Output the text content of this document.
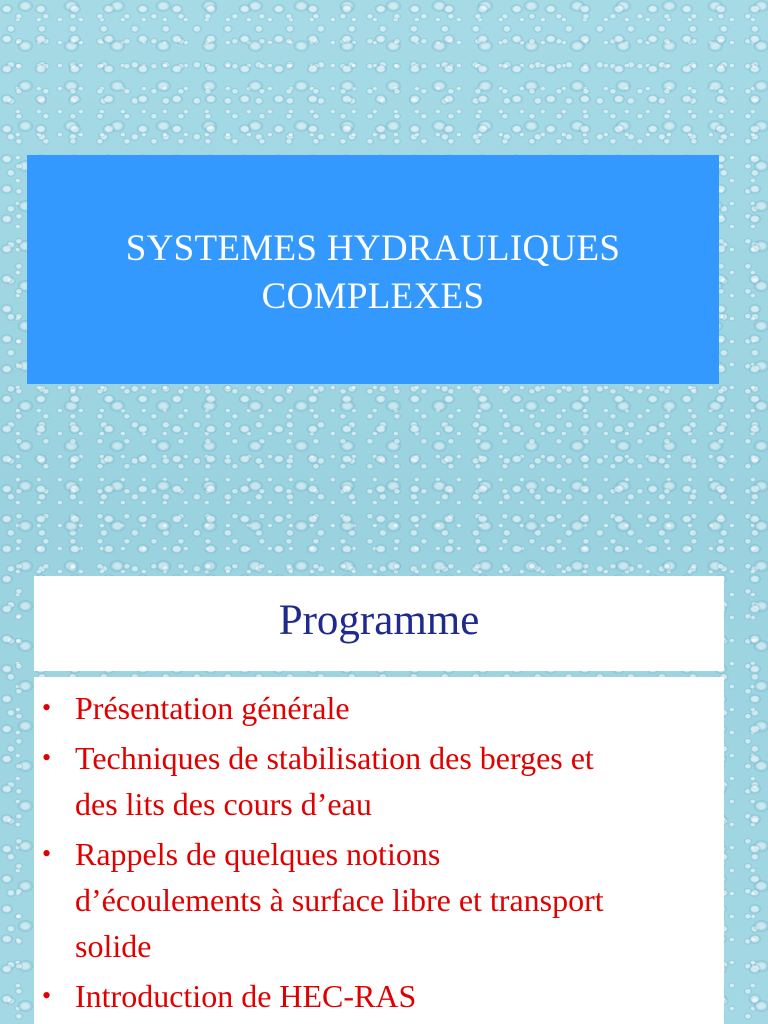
SYSTEMES HYDRAULIQUES
COMPLEXES
Programme
• Présentation générale
• Techniques de stabilisation des berges et
des lits des cours d’eau
• Rappels de quelques notions
d’écoulements à surface libre et transport
solide
• Introduction de HEC-RAS
